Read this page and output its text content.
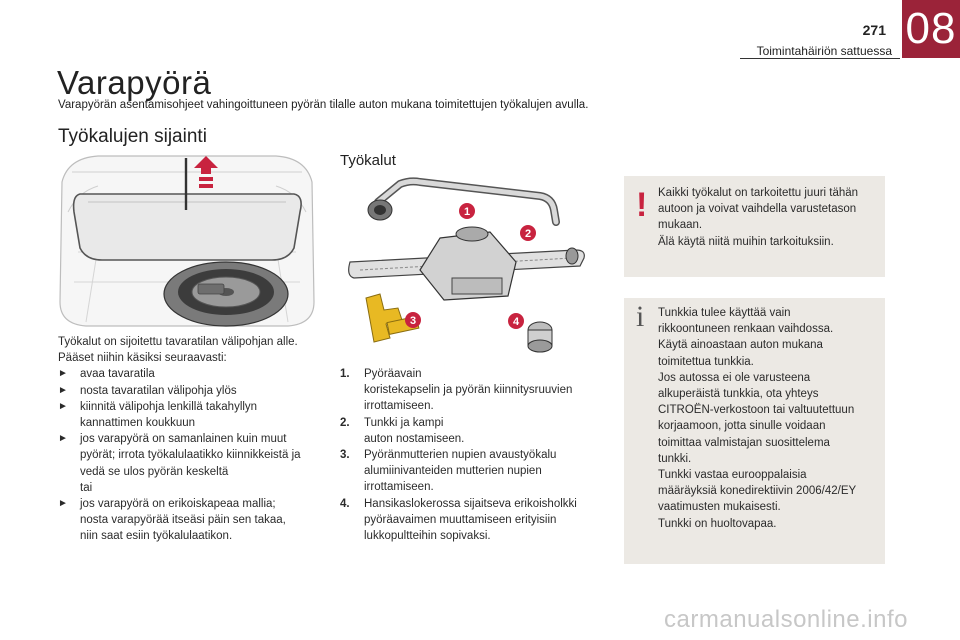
271 08
Toimintahäiriön sattuessa
Varapyörä
Varapyörän asentamisohjeet vahingoittuneen pyörän tilalle auton mukana toimitettujen työkalujen avulla.
Työkalujen sijainti
Työkalut on sijoitettu tavaratilan välipohjan alle.
Pääset niihin käsiksi seuraavasti:
► avaa tavaratila
► nosta tavaratilan välipohja ylös
► kiinnitä välipohja lenkillä takahyllyn
kannattimen koukkuun
► jos varapyörä on samanlainen kuin muut
pyörät; irrota työkalulaatikko kiinnikkeistä ja
vedä se ulos pyörän keskeltä
tai
► jos varapyörä on erikoiskapeaa mallia;
nosta varapyörää itseäsi päin sen takaa,
niin saat esiin työkalulaatikon.
Työkalut
1
2
3	4
1. Pyöräavain
koristekapselin ja pyörän kiinnitysruuvien
irrottamiseen.
2. Tunkki ja kampi
auton nostamiseen.
3. Pyöränmutterien nupien avaustyökalu
alumiinivanteiden mutterien nupien
irrottamiseen.
4. Hansikaslokerossa sijaitseva erikoisholkki
pyöräavaimen muuttamiseen erityisiin
lukkopultteihin sopivaksi.
! Kaikki työkalut on tarkoitettu juuri tähän
autoon ja voivat vaihdella varustetason
mukaan.
Älä käytä niitä muihin tarkoituksiin.
i Tunkkia tulee käyttää vain
rikkoontuneen renkaan vaihdossa.
Käytä ainoastaan auton mukana
toimitettua tunkkia.
Jos autossa ei ole varusteena
alkuperäistä tunkkia, ota yhteys
CITROËN-verkostoon tai valtuutettuun
korjaamoon, jotta sinulle voidaan
toimittaa valmistajan suosittelema
tunkki.
Tunkki vastaa eurooppalaisia
määräyksiä konedirektiivin 2006/42/EY
vaatimusten mukaisesti.
Tunkki on huoltovapaa.
carmanualsonline.info
